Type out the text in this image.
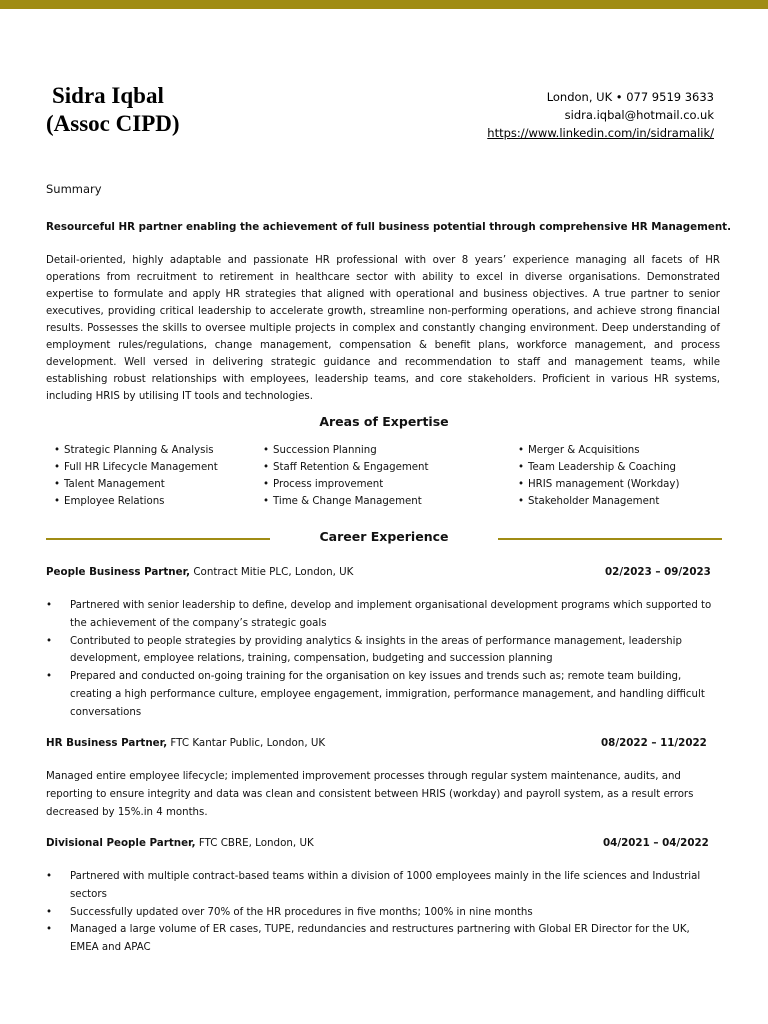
Sidra Iqbal
(Assoc CIPD)
London, UK • 077 9519 3633
sidra.iqbal@hotmail.co.uk
https://www.linkedin.com/in/sidramalik/
Summary
Resourceful HR partner enabling the achievement of full business potential through comprehensive HR Management.

Detail-oriented, highly adaptable and passionate HR professional with over 8 years’ experience managing all facets of HR operations from recruitment to retirement in healthcare sector with ability to excel in diverse organisations. Demonstrated expertise to formulate and apply HR strategies that aligned with operational and business objectives. A true partner to senior executives, providing critical leadership to accelerate growth, streamline non-performing operations, and achieve strong financial results. Possesses the skills to oversee multiple projects in complex and constantly changing environment. Deep understanding of employment rules/regulations, change management, compensation & benefit plans, workforce management, and process development. Well versed in delivering strategic guidance and recommendation to staff and management teams, while establishing robust relationships with employees, leadership teams, and core stakeholders. Proficient in various HR systems, including HRIS by utilising IT tools and technologies.

Areas of Expertise
• Strategic Planning & Analysis
• Full HR Lifecycle Management
• Talent Management
• Employee Relations
• Succession Planning
• Staff Retention & Engagement
• Process improvement
• Time & Change Management
• Merger & Acquisitions
• Team Leadership & Coaching
• HRIS management (Workday)
• Stakeholder Management
Career Experience
People Business Partner, Contract Mitie PLC, London, UK	02/2023 – 09/2023
• Partnered with senior leadership to define, develop and implement organisational development programs which supported to the achievement of the company’s strategic goals
• Contributed to people strategies by providing analytics & insights in the areas of performance management, leadership development, employee relations, training, compensation, budgeting and succession planning
• Prepared and conducted on-going training for the organisation on key issues and trends such as; remote team building, creating a high performance culture, employee engagement, immigration, performance management, and handling difficult conversations
HR Business Partner, FTC Kantar Public, London, UK	08/2022 – 11/2022

Managed entire employee lifecycle; implemented improvement processes through regular system maintenance, audits, and reporting to ensure integrity and data was clean and consistent between HRIS (workday) and payroll system, as a result errors decreased by 15%.in 4 months.

Divisional People Partner, FTC CBRE, London, UK	04/2021 – 04/2022
• Partnered with multiple contract-based teams within a division of 1000 employees mainly in the life sciences and Industrial sectors
• Successfully updated over 70% of the HR procedures in five months; 100% in nine months
• Managed a large volume of ER cases, TUPE, redundancies and restructures partnering with Global ER Director for the UK, EMEA and APAC
